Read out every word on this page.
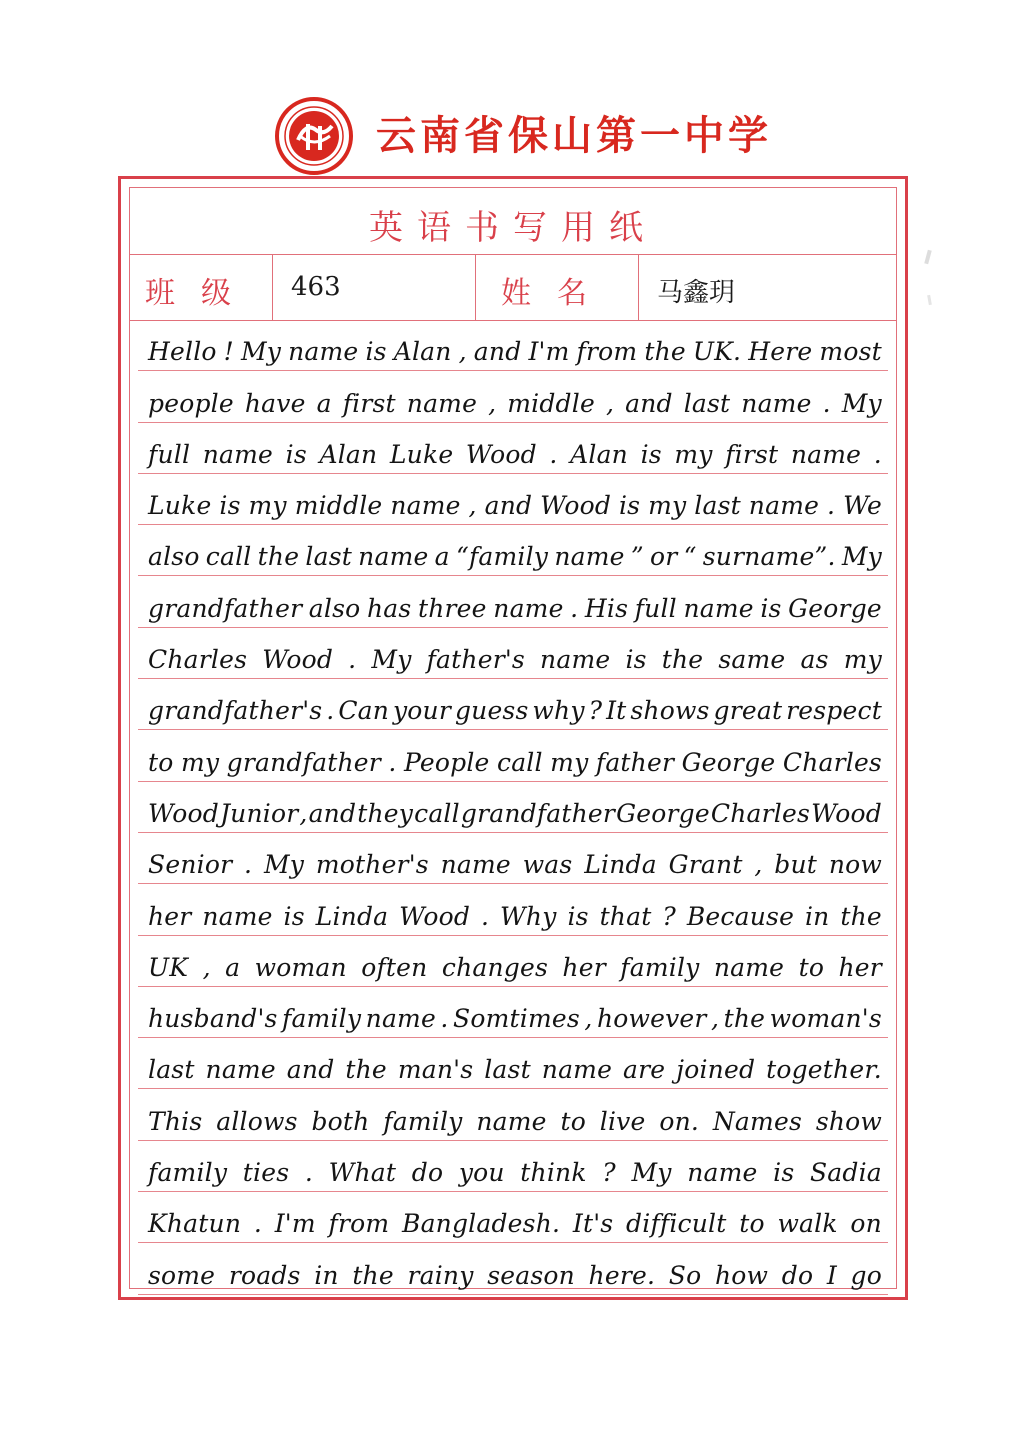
云南省保山第一中学
英语书写用纸
班级	463	姓名	马鑫玥
Hello ! My name is Alan , and I'm from the UK. Here most
people have a first name , middle , and last name . My
full name is Alan Luke Wood . Alan is my first name .
Luke is my middle name , and Wood is my last name . We
also call the last name a “family name ” or “ surname”. My
grandfather also has three name . His full name is George
Charles Wood . My father's name is the same as my
grandfather's . Can your guess why ? It shows great respect
to my grandfather . People call my father George Charles
Wood Junior , and they call grandfather George Charles Wood
Senior . My mother's name was Linda Grant , but now
her name is Linda Wood . Why is that ? Because in the
UK , a woman often changes her family name to her
husband's family name . Somtimes , however , the woman's
last name and the man's last name are joined together.
This allows both family name to live on. Names show
family ties . What do you think ? My name is Sadia
Khatun . I'm from Bangladesh. It's difficult to walk on
some roads in the rainy season here. So how do I go
